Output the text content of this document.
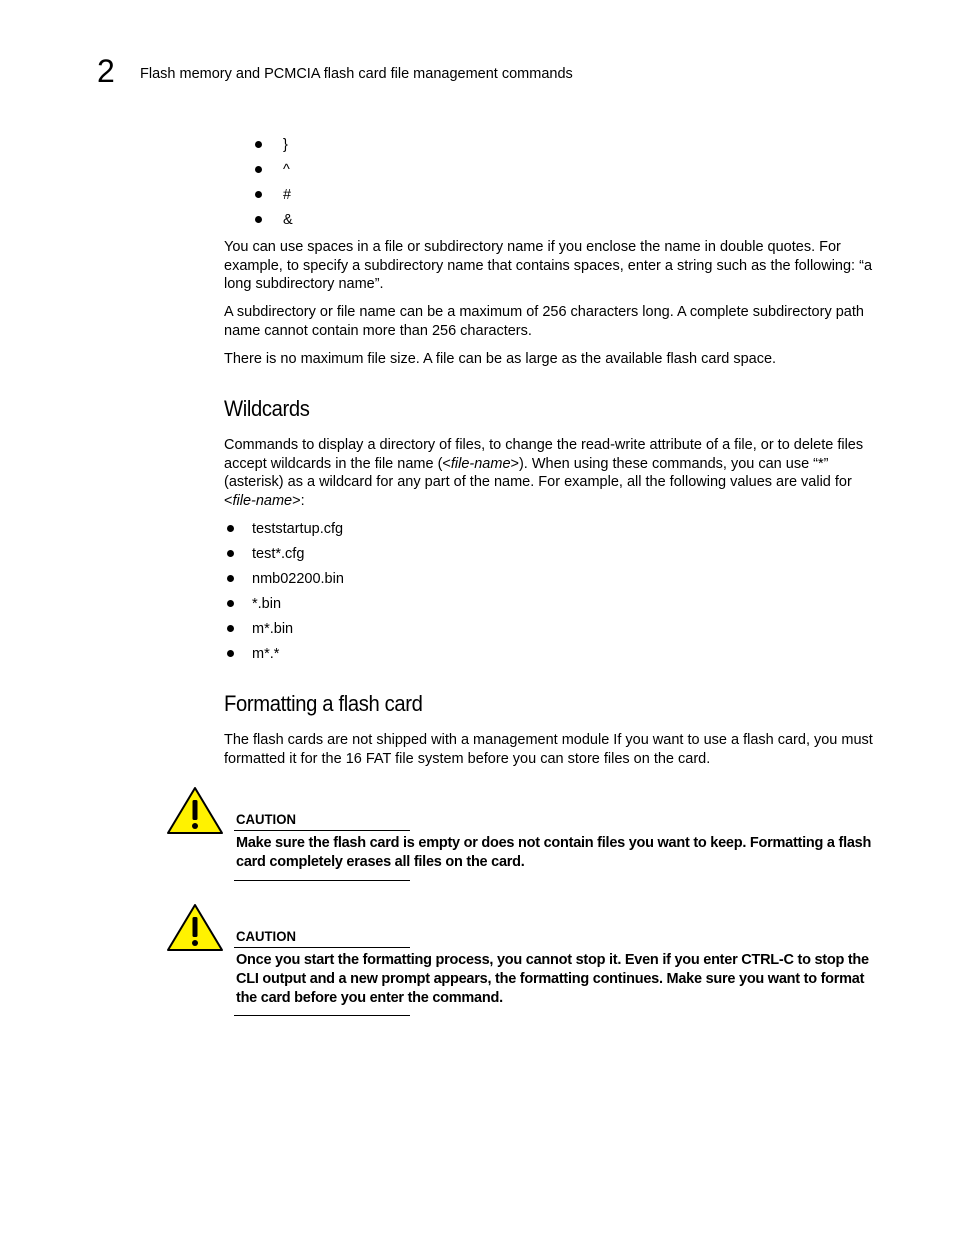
2 Flash memory and PCMCIA flash card file management commands
}
^
#
&

You can use spaces in a file or subdirectory name if you enclose the name in double quotes. For example, to specify a subdirectory name that contains spaces, enter a string such as the following: “a long subdirectory name”.

A subdirectory or file name can be a maximum of 256 characters long. A complete subdirectory path name cannot contain more than 256 characters.

There is no maximum file size. A file can be as large as the available flash card space.

Wildcards

Commands to display a directory of files, to change the read-write attribute of a file, or to delete files accept wildcards in the file name (<file-name>). When using these commands, you can use “*” (asterisk) as a wildcard for any part of the name. For example, all the following values are valid for <file-name>:

teststartup.cfg
test*.cfg
nmb02200.bin
*.bin
m*.bin
m*.*
Formatting a flash card

The flash cards are not shipped with a management module If you want to use a flash card, you must formatted it for the 16 FAT file system before you can store files on the card.

CAUTION
Make sure the flash card is empty or does not contain files you want to keep. Formatting a flash card completely erases all files on the card.
CAUTION
Once you start the formatting process, you cannot stop it. Even if you enter CTRL-C to stop the CLI output and a new prompt appears, the formatting continues. Make sure you want to format the card before you enter the command.
